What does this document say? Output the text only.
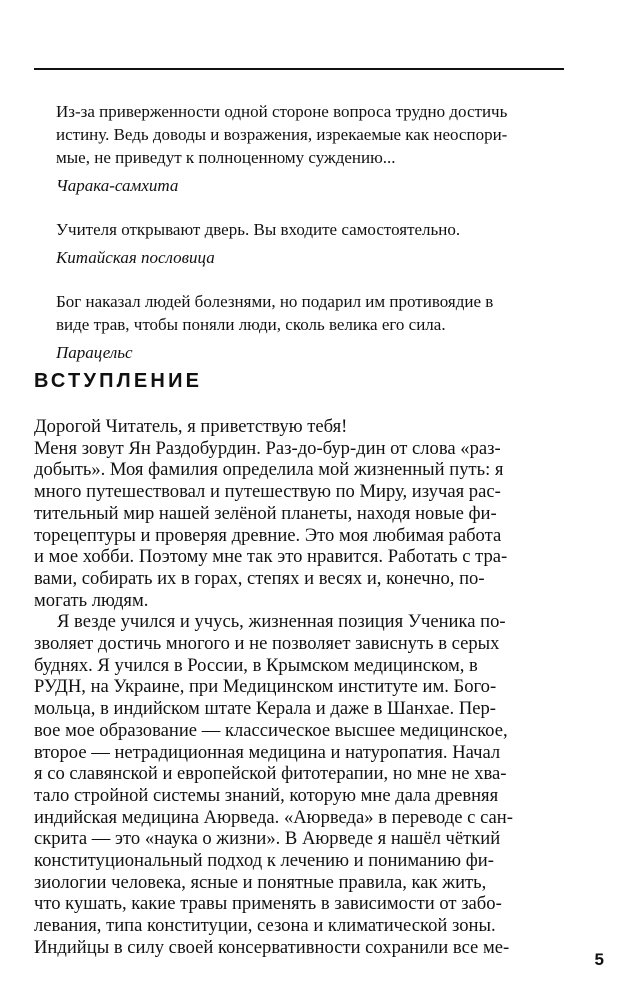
Из-за приверженности одной стороне вопроса трудно достичь
истину. Ведь доводы и возражения, изрекаемые как неоспори-
мые, не приведут к полноценному суждению...

Чарака-самхита

Учителя открывают дверь. Вы входите самостоятельно.

Китайская пословица

Бог наказал людей болезнями, но подарил им противоядие в
виде трав, чтобы поняли люди, сколь велика его сила.

Парацельс

ВСТУПЛЕНИЕ

Дорогой Читатель, я приветствую тебя!

Меня зовут Ян Раздобурдин. Раз-до-бур-дин от слова «раз-
добыть». Моя фамилия определила мой жизненный путь: я
много путешествовал и путешествую по Миру, изучая рас-
тительный мир нашей зелёной планеты, находя новые фи-
торецептуры и проверяя древние. Это моя любимая работа
и мое хобби. Поэтому мне так это нравится. Работать с тра-
вами, собирать их в горах, степях и весях и, конечно, по-
могать людям.

Я везде учился и учусь, жизненная позиция Ученика по-
зволяет достичь многого и не позволяет зависнуть в серых
буднях. Я учился в России, в Крымском медицинском, в
РУДН, на Украине, при Медицинском институте им. Бого-
мольца, в индийском штате Керала и даже в Шанхае. Пер-
вое мое образование — классическое высшее медицинское,
второе — нетрадиционная медицина и натуропатия. Начал
я со славянской и европейской фитотерапии, но мне не хва-
тало стройной системы знаний, которую мне дала древняя
индийская медицина Аюрведа. «Аюрведа» в переводе с сан-
скрита — это «наука о жизни». В Аюрведе я нашёл чёткий
конституциональный подход к лечению и пониманию фи-
зиологии человека, ясные и понятные правила, как жить,
что кушать, какие травы применять в зависимости от забо-
левания, типа конституции, сезона и климатической зоны.
Индийцы в силу своей консервативности сохранили все ме-

5
